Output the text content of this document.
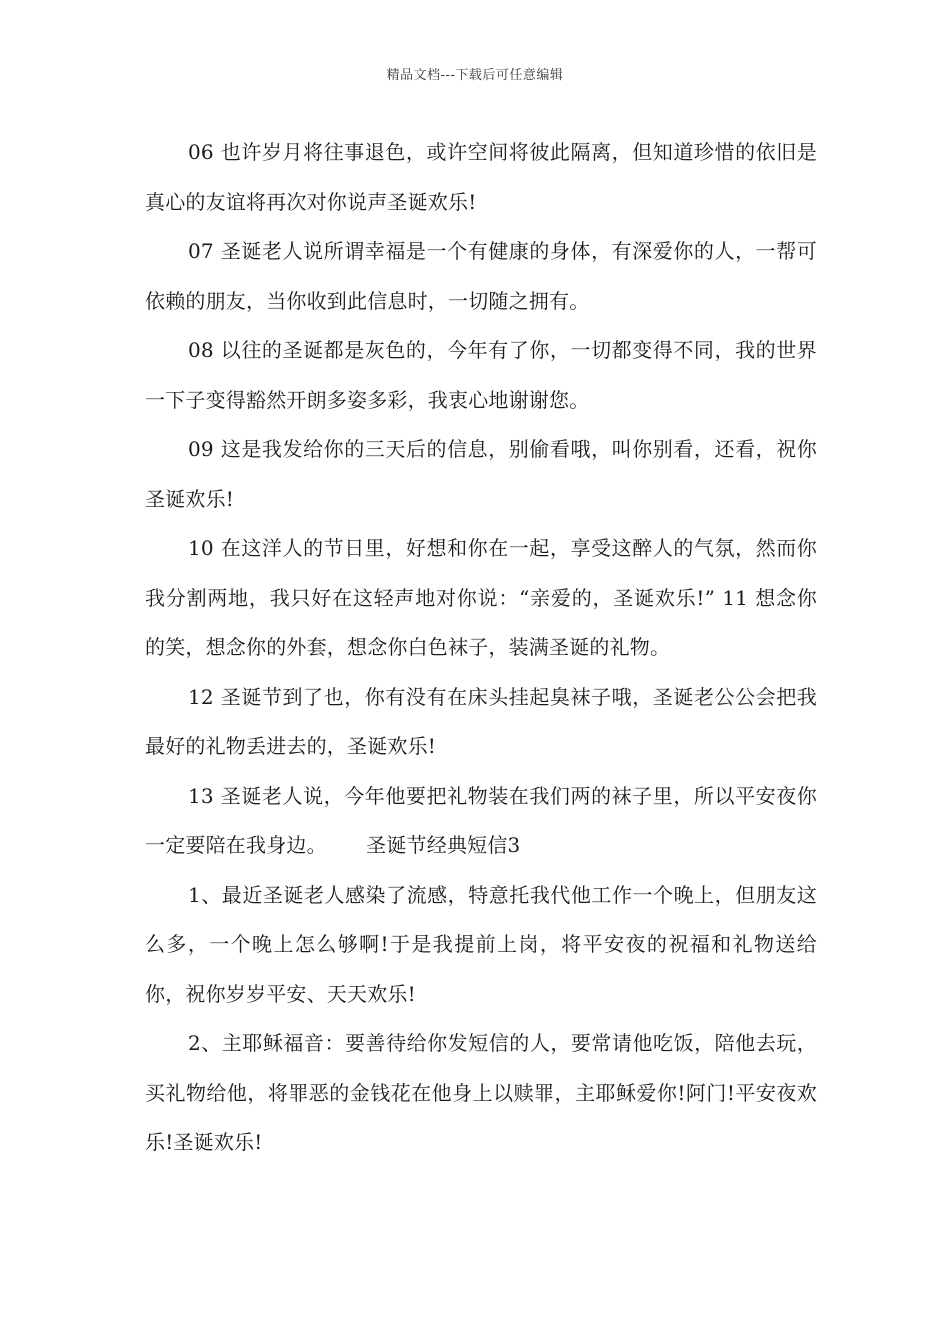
精品文档---下载后可任意编辑

06 也许岁月将往事退色，或许空间将彼此隔离，但知道珍惜的依旧是真心的友谊将再次对你说声圣诞欢乐!

07 圣诞老人说所谓幸福是一个有健康的身体，有深爱你的人，一帮可依赖的朋友，当你收到此信息时，一切随之拥有。

08 以往的圣诞都是灰色的，今年有了你，一切都变得不同，我的世界一下子变得豁然开朗多姿多彩，我衷心地谢谢您。

09 这是我发给你的三天后的信息，别偷看哦，叫你别看，还看，祝你圣诞欢乐!

10 在这洋人的节日里，好想和你在一起，享受这醉人的气氛，然而你我分割两地，我只好在这轻声地对你说：“亲爱的，圣诞欢乐!” 11 想念你的笑，想念你的外套，想念你白色袜子，装满圣诞的礼物。

12 圣诞节到了也，你有没有在床头挂起臭袜子哦，圣诞老公公会把我最好的礼物丢进去的，圣诞欢乐!

13 圣诞老人说，今年他要把礼物装在我们两的袜子里，所以平安夜你一定要陪在我身边。      圣诞节经典短信3

1、最近圣诞老人感染了流感，特意托我代他工作一个晚上，但朋友这么多，一个晚上怎么够啊!于是我提前上岗，将平安夜的祝福和礼物送给你，祝你岁岁平安、天天欢乐!

2、主耶稣福音：要善待给你发短信的人，要常请他吃饭，陪他去玩，买礼物给他，将罪恶的金钱花在他身上以赎罪，主耶稣爱你!阿门!平安夜欢乐!圣诞欢乐!
